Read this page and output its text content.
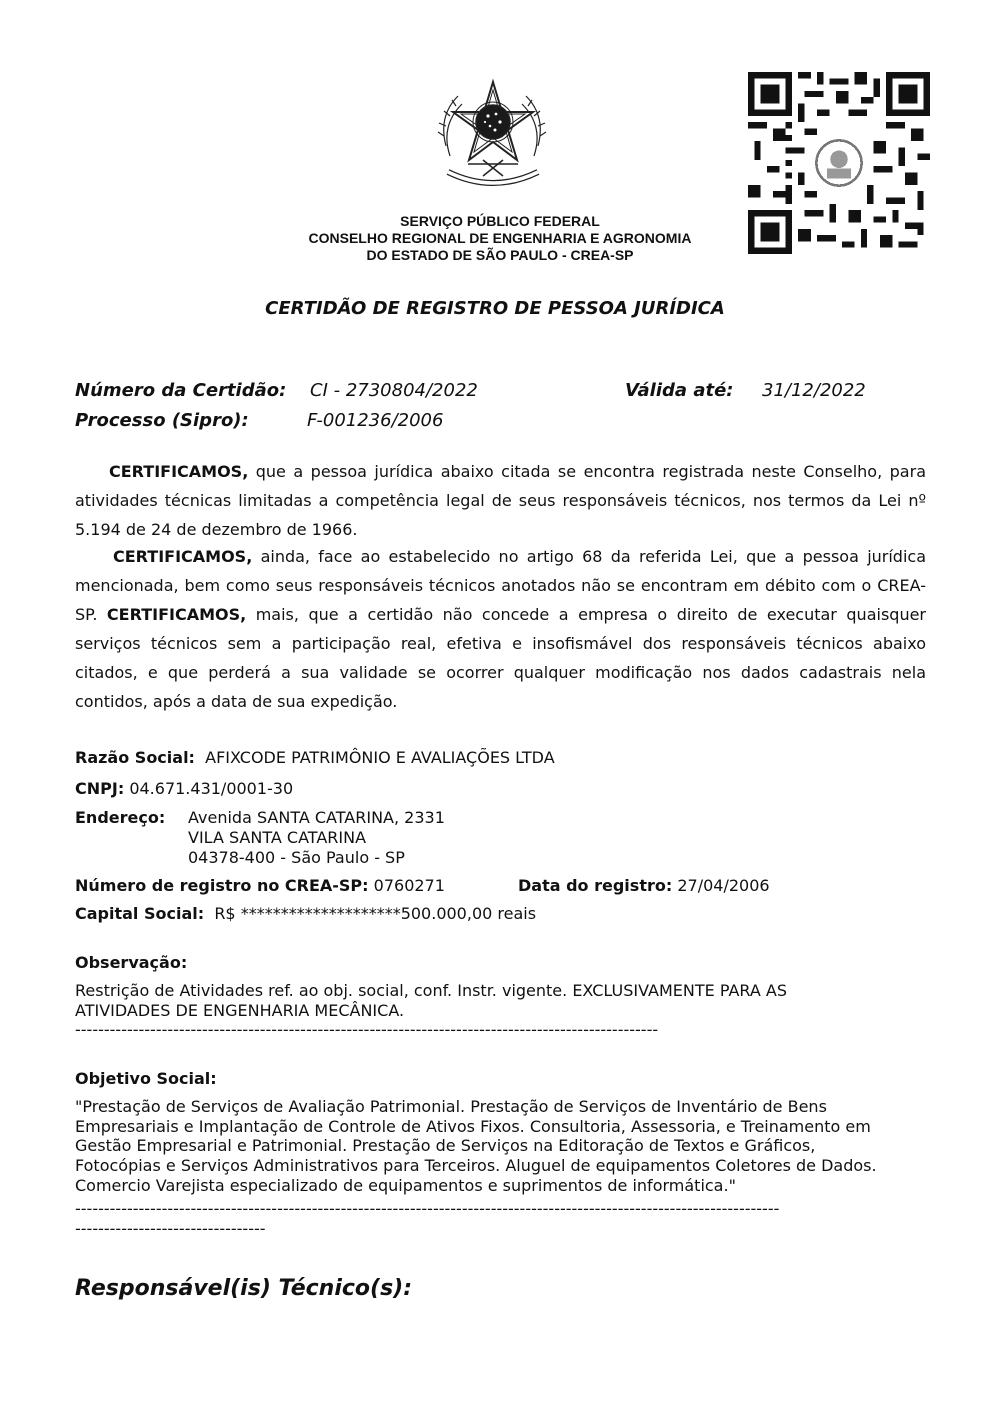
SERVIÇO PÚBLICO FEDERAL
CONSELHO REGIONAL DE ENGENHARIA E AGRONOMIA
DO ESTADO DE SÃO PAULO - CREA-SP
CERTIDÃO DE REGISTRO DE PESSOA JURÍDICA
Número da Certidão: CI - 2730804/2022	Válida até: 31/12/2022
Processo (Sipro):	F-001236/2006
CERTIFICAMOS, que a pessoa jurídica abaixo citada se encontra registrada neste Conselho, para atividades técnicas limitadas a competência legal de seus responsáveis técnicos, nos termos da Lei nº 5.194 de 24 de dezembro de 1966.
CERTIFICAMOS, ainda, face ao estabelecido no artigo 68 da referida Lei, que a pessoa jurídica mencionada, bem como seus responsáveis técnicos anotados não se encontram em débito com o CREA-SP. CERTIFICAMOS, mais, que a certidão não concede a empresa o direito de executar quaisquer serviços técnicos sem a participação real, efetiva e insofismável dos responsáveis técnicos abaixo citados, e que perderá a sua validade se ocorrer qualquer modificação nos dados cadastrais nela contidos, após a data de sua expedição.
Razão Social: AFIXCODE PATRIMÔNIO E AVALIAÇÕES LTDA
CNPJ: 04.671.431/0001-30
Endereço: Avenida SANTA CATARINA, 2331
VILA SANTA CATARINA
04378-400 - São Paulo - SP
Número de registro no CREA-SP: 0760271	Data do registro: 27/04/2006
Capital Social: R$ ********************500.000,00 reais
Observação:
Restrição de Atividades ref. ao obj. social, conf. Instr. vigente. EXCLUSIVAMENTE PARA AS
ATIVIDADES DE ENGENHARIA MECÂNICA.
-----------------------------------------------------------------------------------------------------
Objetivo Social:
"Prestação de Serviços de Avaliação Patrimonial. Prestação de Serviços de Inventário de Bens
Empresariais e Implantação de Controle de Ativos Fixos. Consultoria, Assessoria, e Treinamento em
Gestão Empresarial e Patrimonial. Prestação de Serviços na Editoração de Textos e Gráficos,
Fotocópias e Serviços Administrativos para Terceiros. Aluguel de equipamentos Coletores de Dados.
Comercio Varejista especializado de equipamentos e suprimentos de informática."
--------------------------------------------------------------------------------------------------------------------------
---------------------------------
Responsável(is) Técnico(s):
